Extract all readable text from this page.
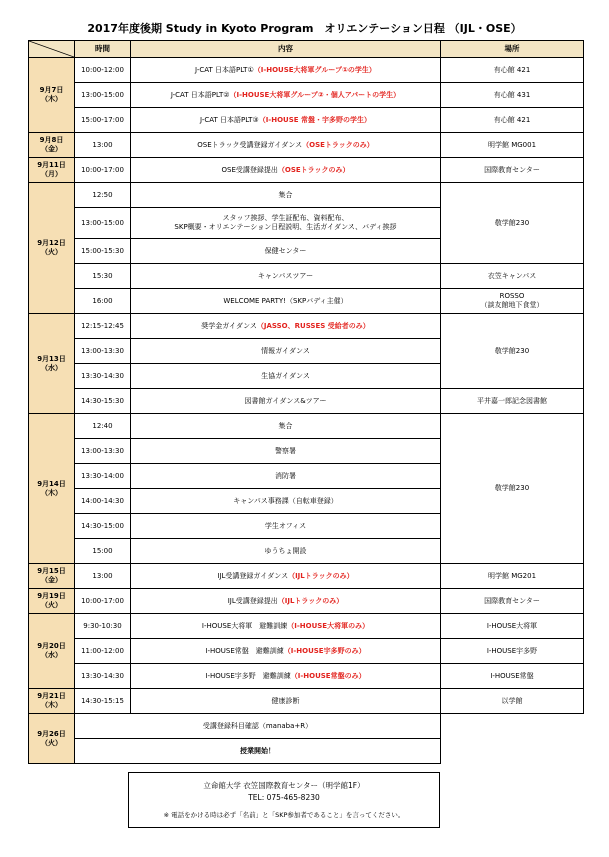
2017年度後期 Study in Kyoto Program　オリエンテーション日程 （IJL・OSE）
	時間	内容	場所
9月7日
（木）	10:00-12:00	J-CAT 日本語PLT①（I-HOUSE大将軍グループ①の学生）	有心館 421
	13:00-15:00	J-CAT 日本語PLT②（I-HOUSE大将軍グループ②・個人アパートの学生）	有心館 431
	15:00-17:00	J-CAT 日本語PLT③（I-HOUSE 常盤・宇多野の学生）	有心館 421
9月8日
（金）	13:00	OSEトラック受講登録ガイダンス（OSEトラックのみ）	明学館 MG001
9月11日
（月）	10:00-17:00	OSE受講登録提出（OSEトラックのみ）	国際教育センター
9月12日
（火）	12:50	集合	敬学館230
	13:00-15:00	スタッフ挨拶、学生証配布、資料配布、
SKP概要・オリエンテーション日程説明、生活ガイダンス、バディ挨拶	
	15:00-15:30	保健センター	
	15:30	キャンパスツアー	衣笠キャンパス
	16:00	WELCOME PARTY!（SKPバディ主催）	ROSSO
（談友館地下食堂）
9月13日
（水）	12:15-12:45	奨学金ガイダンス（JASSO、RUSSES 受給者のみ）	敬学館230
	13:00-13:30	情報ガイダンス	
	13:30-14:30	生協ガイダンス	
	14:30-15:30	図書館ガイダンス&ツアー	平井嘉一郎記念図書館
9月14日
（木）	12:40	集合	敬学館230
	13:00-13:30	警察署	
	13:30-14:00	消防署	
	14:00-14:30	キャンパス事務課（自転車登録）	
	14:30-15:00	学生オフィス	
	15:00	ゆうちょ開設	
9月15日
（金）	13:00	IJL受講登録ガイダンス（IJLトラックのみ）	明学館 MG201
9月19日
（火）	10:00-17:00	IJL受講登録提出（IJLトラックのみ）	国際教育センター
9月20日
（水）	9:30-10:30	I-HOUSE大将軍　避難訓練（I-HOUSE大将軍のみ）	I-HOUSE大将軍
	11:00-12:00	I-HOUSE常盤　避難訓練（I-HOUSE宇多野のみ）	I-HOUSE宇多野
	13:30-14:30	I-HOUSE宇多野　避難訓練（I-HOUSE常盤のみ）	I-HOUSE常盤
9月21日
（木）	14:30-15:15	健康診断	以学館
9月26日
（火）	受講登録科目確認（manaba+R）		
	授業開始！		
立命館大学 衣笠国際教育センター（明学館1F）
TEL: 075-465-8230
※ 電話をかける時は必ず「名前」と「SKP参加者であること」を言ってください。
